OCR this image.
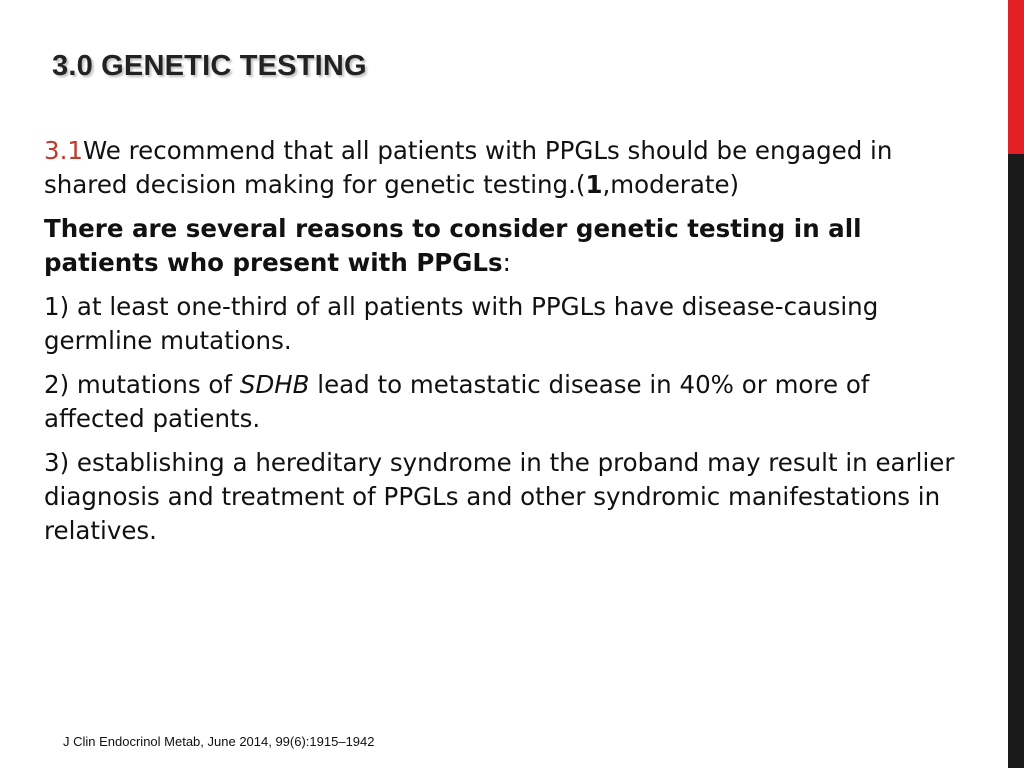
3.0 GENETIC TESTING

3.1We recommend that all patients with PPGLs should be engaged in shared decision making for genetic testing.(1,moderate)

There are several reasons to consider genetic testing in all patients who present with PPGLs:

1) at least one-third of all patients with PPGLs have disease-causing germline mutations.

2) mutations of SDHB lead to metastatic disease in 40% or more of affected patients.

3) establishing a hereditary syndrome in the proband may result in earlier diagnosis and treatment of PPGLs and other syndromic manifestations in relatives.

J Clin Endocrinol Metab, June 2014, 99(6):1915–1942
